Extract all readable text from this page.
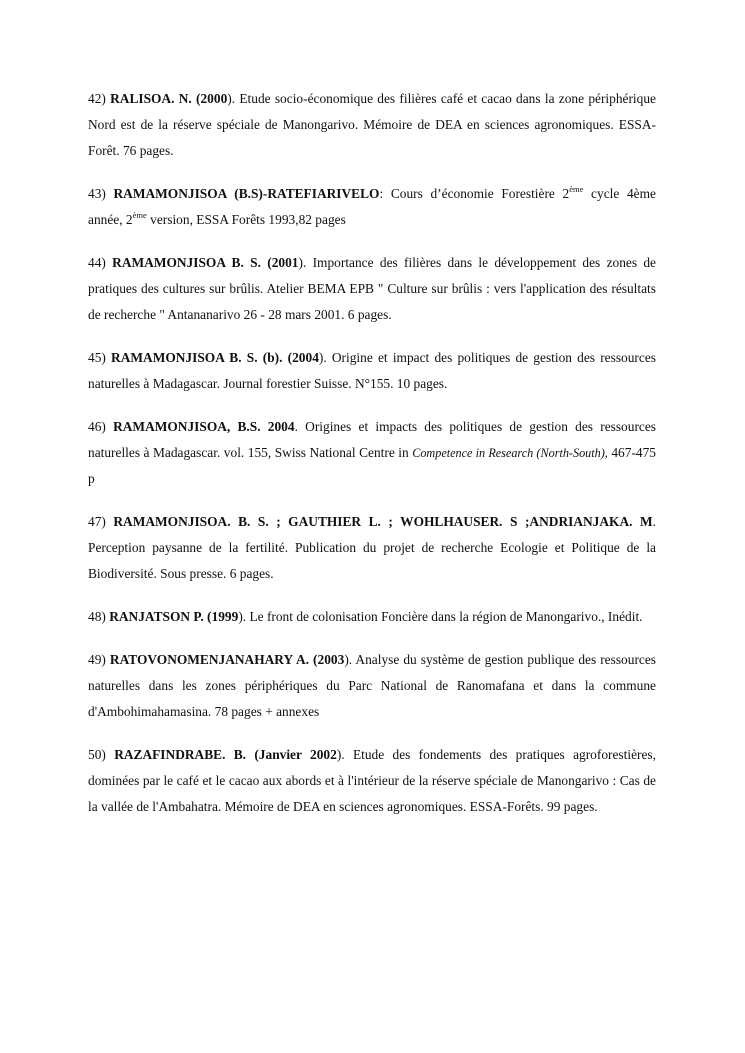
42) RALISOA. N. (2000). Etude socio-économique des filières café et cacao dans la zone périphérique Nord est de la réserve spéciale de Manongarivo. Mémoire de DEA en sciences agronomiques. ESSA-Forêt. 76 pages.

43) RAMAMONJISOA (B.S)-RATEFIARIVELO: Cours d’économie Forestière 2ème cycle 4ème année, 2ème version, ESSA Forêts 1993,82 pages

44) RAMAMONJISOA B. S. (2001). Importance des filières dans le développement des zones de pratiques des cultures sur brûlis. Atelier BEMA EPB " Culture sur brûlis : vers l'application des résultats de recherche " Antananarivo 26 - 28 mars 2001. 6 pages.

45) RAMAMONJISOA B. S. (b). (2004). Origine et impact des politiques de gestion des ressources naturelles à Madagascar. Journal forestier Suisse. N°155. 10 pages.

46) RAMAMONJISOA, B.S. 2004. Origines et impacts des politiques de gestion des ressources naturelles à Madagascar. vol. 155, Swiss National Centre in Competence in Research (North-South), 467-475 p

47) RAMAMONJISOA. B. S. ; GAUTHIER L. ; WOHLHAUSER. S ;ANDRIANJAKA. M. Perception paysanne de la fertilité. Publication du projet de recherche Ecologie et Politique de la Biodiversité. Sous presse. 6 pages.

48) RANJATSON P. (1999). Le front de colonisation Foncière dans la région de Manongarivo., Inédit.

49) RATOVONOMENJANAHARY A. (2003). Analyse du système de gestion publique des ressources naturelles dans les zones périphériques du Parc National de Ranomafana et dans la commune d'Ambohimahamasina. 78 pages + annexes

50) RAZAFINDRABE. B. (Janvier 2002). Etude des fondements des pratiques agroforestières, dominées par le café et le cacao aux abords et à l'intérieur de la réserve spéciale de Manongarivo : Cas de la vallée de l'Ambahatra. Mémoire de DEA en sciences agronomiques. ESSA-Forêts. 99 pages.
